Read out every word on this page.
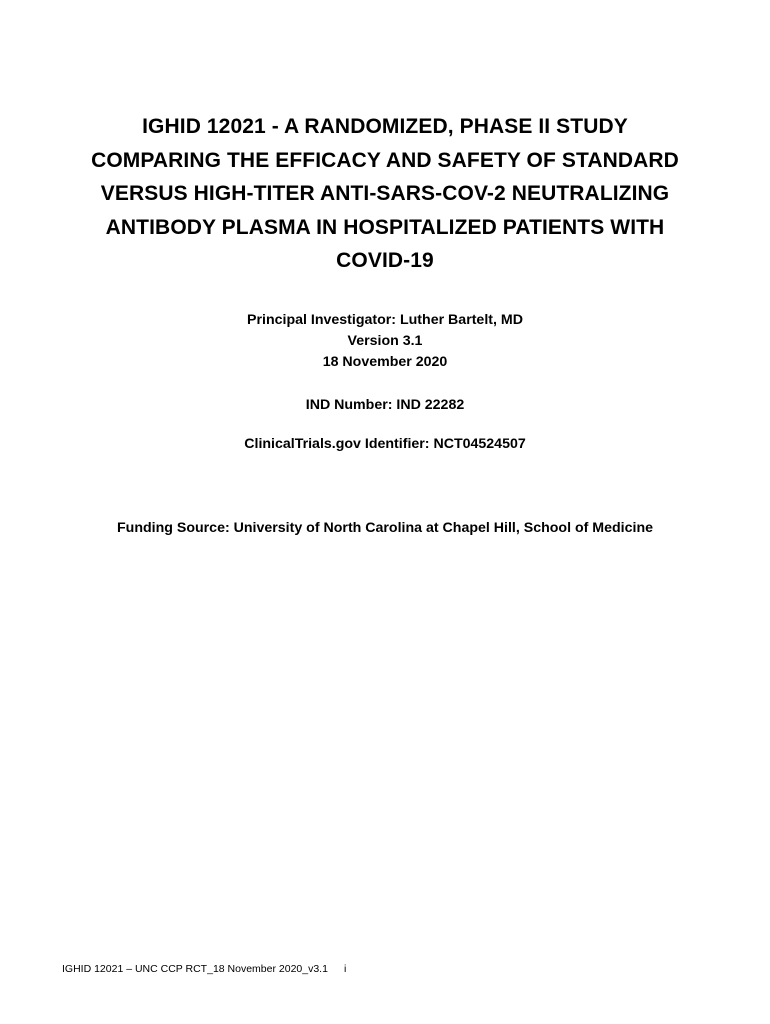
IGHID 12021 - A RANDOMIZED, PHASE II STUDY
COMPARING THE EFFICACY AND SAFETY OF STANDARD
VERSUS HIGH-TITER ANTI-SARS-COV-2 NEUTRALIZING
ANTIBODY PLASMA IN HOSPITALIZED PATIENTS WITH
COVID-19

Principal Investigator: Luther Bartelt, MD
Version 3.1
18 November 2020

IND Number: IND 22282

ClinicalTrials.gov Identifier: NCT04524507

Funding Source: University of North Carolina at Chapel Hill, School of Medicine

IGHID 12021 – UNC CCP RCT_18 November 2020_v3.1 i
